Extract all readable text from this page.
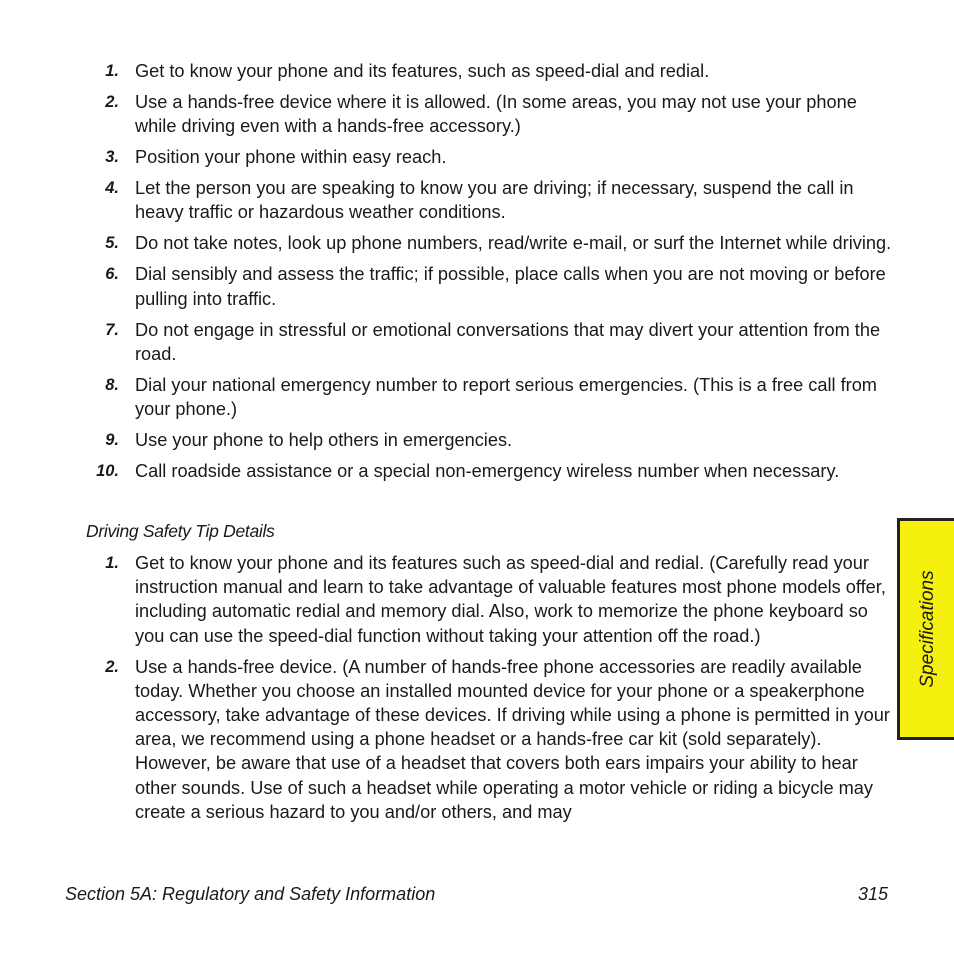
1. Get to know your phone and its features, such as speed-dial and redial.
2. Use a hands-free device where it is allowed. (In some areas, you may not use your phone while driving even with a hands-free accessory.)
3. Position your phone within easy reach.
4. Let the person you are speaking to know you are driving; if necessary, suspend the call in heavy traffic or hazardous weather conditions.
5. Do not take notes, look up phone numbers, read/write e-mail, or surf the Internet while driving.
6. Dial sensibly and assess the traffic; if possible, place calls when you are not moving or before pulling into traffic.
7. Do not engage in stressful or emotional conversations that may divert your attention from the road.
8. Dial your national emergency number to report serious emergencies. (This is a free call from your phone.)
9. Use your phone to help others in emergencies.
10. Call roadside assistance or a special non-emergency wireless number when necessary.
Driving Safety Tip Details
1. Get to know your phone and its features such as speed-dial and redial. (Carefully read your instruction manual and learn to take advantage of valuable features most phone models offer, including automatic redial and memory dial. Also, work to memorize the phone keyboard so you can use the speed-dial function without taking your attention off the road.)
2. Use a hands-free device. (A number of hands-free phone accessories are readily available today. Whether you choose an installed mounted device for your phone or a speakerphone accessory, take advantage of these devices. If driving while using a phone is permitted in your area, we recommend using a phone headset or a hands-free car kit (sold separately). However, be aware that use of a headset that covers both ears impairs your ability to hear other sounds. Use of such a headset while operating a motor vehicle or riding a bicycle may create a serious hazard to you and/or others, and may
Specifications
Section 5A: Regulatory and Safety Information	315
